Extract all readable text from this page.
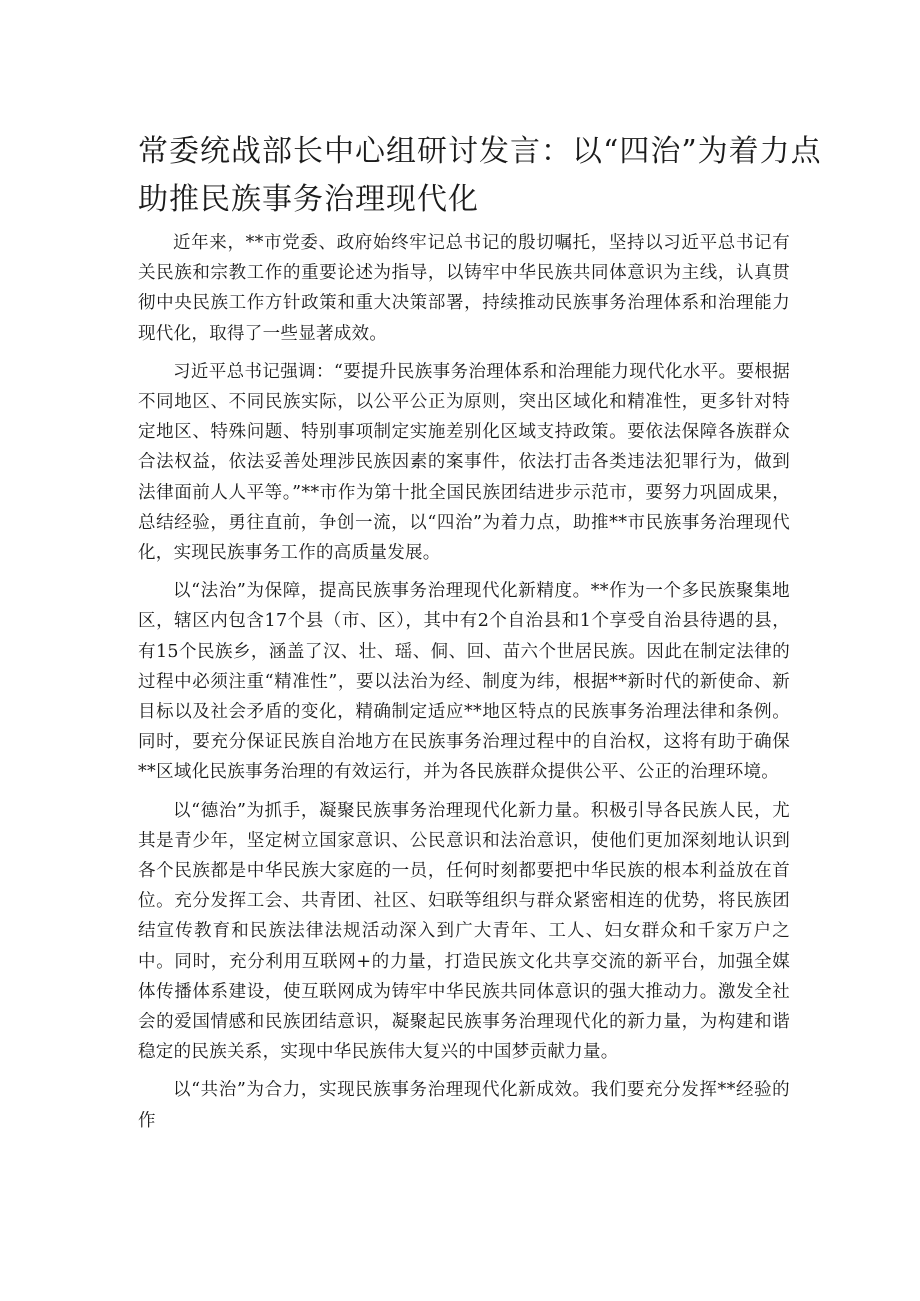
常委统战部长中心组研讨发言：以“四治”为着力点
助推民族事务治理现代化

近年来，**市党委、政府始终牢记总书记的殷切嘱托，坚持以习近平总书记有关民族和宗教工作的重要论述为指导，以铸牢中华民族共同体意识为主线，认真贯彻中央民族工作方针政策和重大决策部署，持续推动民族事务治理体系和治理能力现代化，取得了一些显著成效。

习近平总书记强调：“要提升民族事务治理体系和治理能力现代化水平。要根据不同地区、不同民族实际，以公平公正为原则，突出区域化和精准性，更多针对特定地区、特殊问题、特别事项制定实施差别化区域支持政策。要依法保障各族群众合法权益，依法妥善处理涉民族因素的案事件，依法打击各类违法犯罪行为，做到法律面前人人平等。”**市作为第十批全国民族团结进步示范市，要努力巩固成果，总结经验，勇往直前，争创一流，以“四治”为着力点，助推**市民族事务治理现代化，实现民族事务工作的高质量发展。

以“法治”为保障，提高民族事务治理现代化新精度。**作为一个多民族聚集地区，辖区内包含17个县（市、区），其中有2个自治县和1个享受自治县待遇的县，有15个民族乡，涵盖了汉、壮、瑶、侗、回、苗六个世居民族。因此在制定法律的过程中必须注重“精准性”，要以法治为经、制度为纬，根据**新时代的新使命、新目标以及社会矛盾的变化，精确制定适应**地区特点的民族事务治理法律和条例。同时，要充分保证民族自治地方在民族事务治理过程中的自治权，这将有助于确保**区域化民族事务治理的有效运行，并为各民族群众提供公平、公正的治理环境。

以“德治”为抓手，凝聚民族事务治理现代化新力量。积极引导各民族人民，尤其是青少年，坚定树立国家意识、公民意识和法治意识，使他们更加深刻地认识到各个民族都是中华民族大家庭的一员，任何时刻都要把中华民族的根本利益放在首位。充分发挥工会、共青团、社区、妇联等组织与群众紧密相连的优势，将民族团结宣传教育和民族法律法规活动深入到广大青年、工人、妇女群众和千家万户之中。同时，充分利用互联网+的力量，打造民族文化共享交流的新平台，加强全媒体传播体系建设，使互联网成为铸牢中华民族共同体意识的强大推动力。激发全社会的爱国情感和民族团结意识，凝聚起民族事务治理现代化的新力量，为构建和谐稳定的民族关系，实现中华民族伟大复兴的中国梦贡献力量。

以“共治”为合力，实现民族事务治理现代化新成效。我们要充分发挥**经验的作
